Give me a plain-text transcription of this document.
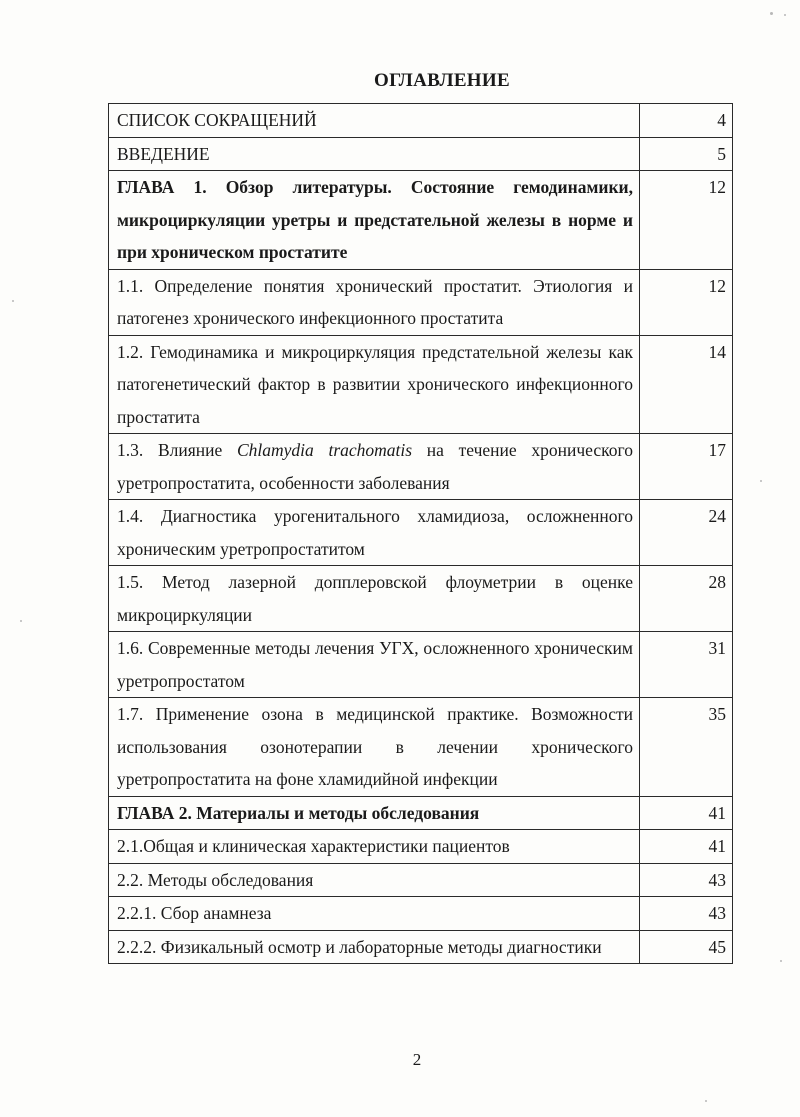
ОГЛАВЛЕНИЕ
СПИСОК СОКРАЩЕНИЙ	4
ВВЕДЕНИЕ	5
ГЛАВА 1. Обзор литературы. Состояние гемодинамики, микроциркуляции уретры и предстательной железы в норме и при хроническом простатите	12
1.1. Определение понятия хронический простатит. Этиология и патогенез хронического инфекционного простатита	12
1.2. Гемодинамика и микроциркуляция предстательной железы как патогенетический фактор в развитии хронического инфекционного простатита	14
1.3. Влияние Chlamydia trachomatis на течение хронического уретропростатита, особенности заболевания	17
1.4. Диагностика урогенитального хламидиоза, осложненного хроническим уретропростатитом	24
1.5. Метод лазерной допплеровской флоуметрии в оценке микроциркуляции	28
1.6. Современные методы лечения УГХ, осложненного хроническим уретропростатом	31
1.7. Применение озона в медицинской практике. Возможности использования озонотерапии в лечении хронического уретропростатита на фоне хламидийной инфекции	35
ГЛАВА 2. Материалы и методы обследования	41
2.1.Общая и клиническая характеристики пациентов	41
2.2. Методы обследования	43
2.2.1. Сбор анамнеза	43
2.2.2. Физикальный осмотр и лабораторные методы диагностики	45
2
